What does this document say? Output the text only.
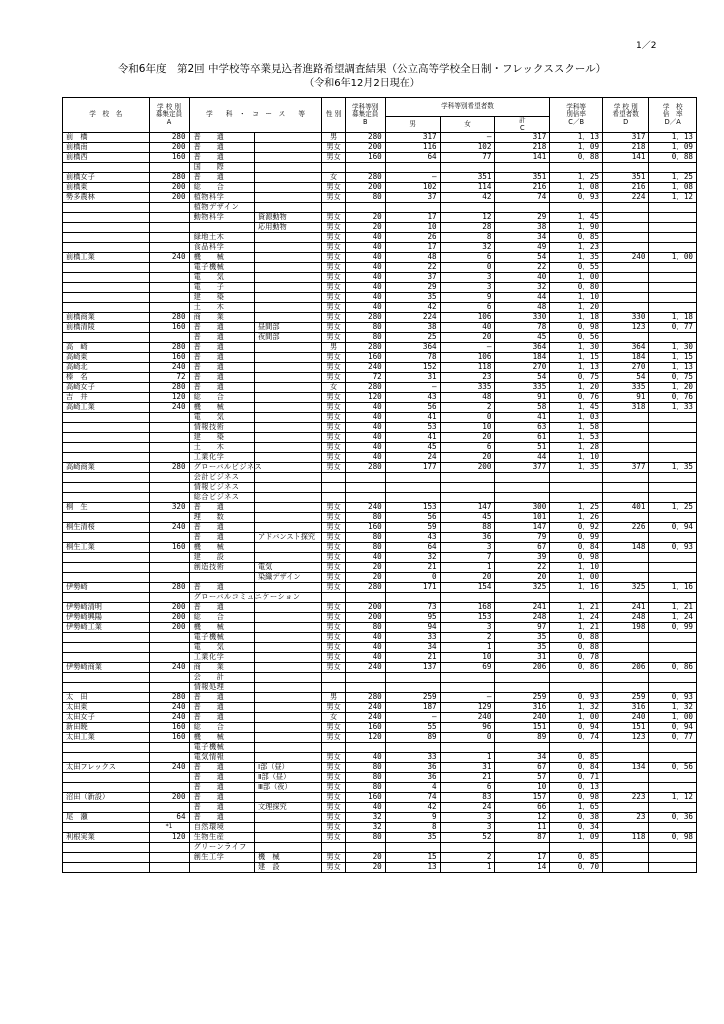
1／2
令和6年度　第2回 中学校等卒業見込者進路希望調査結果（公立高等学校全日制・フレックススクール）
（令和6年12月2日現在）
学　校　名	学 校 別
募集定員
A	学　　科　・　コ　ー　ス　　等		性 別	学科等別
募集定員
B	学科等別希望者数			学科等
別倍率
C／B	学 校 別
希望者数
D	学　校
倍　率
D／A
						男	女	計
C			
前　橋	280	普　　通		男	280	317	―	317	1．13	317	1．13
前橋南	200	普　　通		男女	200	116	102	218	1．09	218	1．09
前橋西	160	普　　通		男女	160	64	77	141	0．88	141	0．88
		国　　際									
前橋女子	280	普　　通		女	280	―	351	351	1．25	351	1．25
前橋東	200	総　　合		男女	200	102	114	216	1．08	216	1．08
勢多農林	200	植物科学		男女	80	37	42	74	0．93	224	1．12
		植物デザイン									
		動物科学	資源動物	男女	20	17	12	29	1．45		
			応用動物	男女	20	10	28	38	1．90		
		緑地土木		男女	40	26	8	34	0．85		
		食品科学		男女	40	17	32	49	1．23		
前橋工業	240	機　　械		男女	40	48	6	54	1．35	240	1．00
		電子機械		男女	40	22	0	22	0．55		
		電　　気		男女	40	37	3	40	1．00		
		電　　子		男女	40	29	3	32	0．80		
		建　　築		男女	40	35	9	44	1．10		
		土　　木		男女	40	42	6	48	1．20		
前橋商業	280	商　　業		男女	280	224	106	330	1．18	330	1．18
前橋清陵	160	普　　通	昼間部	男女	80	38	40	78	0．98	123	0．77
		普　　通	夜間部	男女	80	25	20	45	0．56		
高　崎	280	普　　通		男	280	364	―	364	1．30	364	1．30
高崎東	160	普　　通		男女	160	78	106	184	1．15	184	1．15
高崎北	240	普　　通		男女	240	152	118	270	1．13	270	1．13
榛　名	72	普　　通		男女	72	31	23	54	0．75	54	0．75
高崎女子	280	普　　通		女	280	―	335	335	1．20	335	1．20
吉　井	120	総　　合		男女	120	43	48	91	0．76	91	0．76
高崎工業	240	機　　械		男女	40	56	2	58	1．45	318	1．33
		電　　気		男女	40	41	0	41	1．03		
		情報技術		男女	40	53	10	63	1．58		
		建　　築		男女	40	41	20	61	1．53		
		土　　木		男女	40	45	6	51	1．28		
		工業化学		男女	40	24	20	44	1．10		
高崎商業	280	グローバルビジネス		男女	280	177	200	377	1．35	377	1．35
		会計ビジネス									
		情報ビジネス									
		総合ビジネス									
桐　生	320	普　　通		男女	240	153	147	300	1．25	401	1．25
		理　　数		男女	80	56	45	101	1．26		
桐生清桜	240	普　　通		男女	160	59	88	147	0．92	226	0．94
		普　　通	アドバンスト探究	男女	80	43	36	79	0．99		
桐生工業	160	機　　械		男女	80	64	3	67	0．84	148	0．93
		建　　設		男女	40	32	7	39	0．98		
		創造技術	電気	男女	20	21	1	22	1．10		
			染織デザイン	男女	20	0	20	20	1．00		
伊勢崎	280	普　　通		男女	280	171	154	325	1．16	325	1．16
		グローバルコミュニケーション									
伊勢崎清明	200	普　　通		男女	200	73	168	241	1．21	241	1．21
伊勢崎興陽	200	総　　合		男女	200	95	153	248	1．24	248	1．24
伊勢崎工業	200	機　　械		男女	80	94	3	97	1．21	198	0．99
		電子機械		男女	40	33	2	35	0．88		
		電　　気		男女	40	34	1	35	0．88		
		工業化学		男女	40	21	10	31	0．78		
伊勢崎商業	240	商　　業		男女	240	137	69	206	0．86	206	0．86
		会　　計									
		情報処理									
太　田	280	普　　通		男	280	259	―	259	0．93	259	0．93
太田東	240	普　　通		男女	240	187	129	316	1．32	316	1．32
太田女子	240	普　　通		女	240	―	240	240	1．00	240	1．00
新田暁	160	総　　合		男女	160	55	96	151	0．94	151	0．94
太田工業	160	機　　械		男女	120	89	0	89	0．74	123	0．77
		電子機械									
		電気情報		男女	40	33	1	34	0．85		
太田フレックス	240	普　　通	Ⅰ部（昼）	男女	80	36	31	67	0．84	134	0．56
		普　　通	Ⅱ部（昼）	男女	80	36	21	57	0．71		
		普　　通	Ⅲ部（夜）	男女	80	4	6	10	0．13		
沼田（新設）	200	普　　通		男女	160	74	83	157	0．98	223	1．12
		普　　通	文理探究	男女	40	42	24	66	1．65		
尾　瀬	64	普　　通		男女	32	9	3	12	0．38	23	0．36
	*1	自然環境		男女	32	8	3	11	0．34		
利根実業	120	生物生産		男女	80	35	52	87	1．09	118	0．98
		グリーンライフ									
		創生工学	機　械	男女	20	15	2	17	0．85		
			建　設	男女	20	13	1	14	0．70		
